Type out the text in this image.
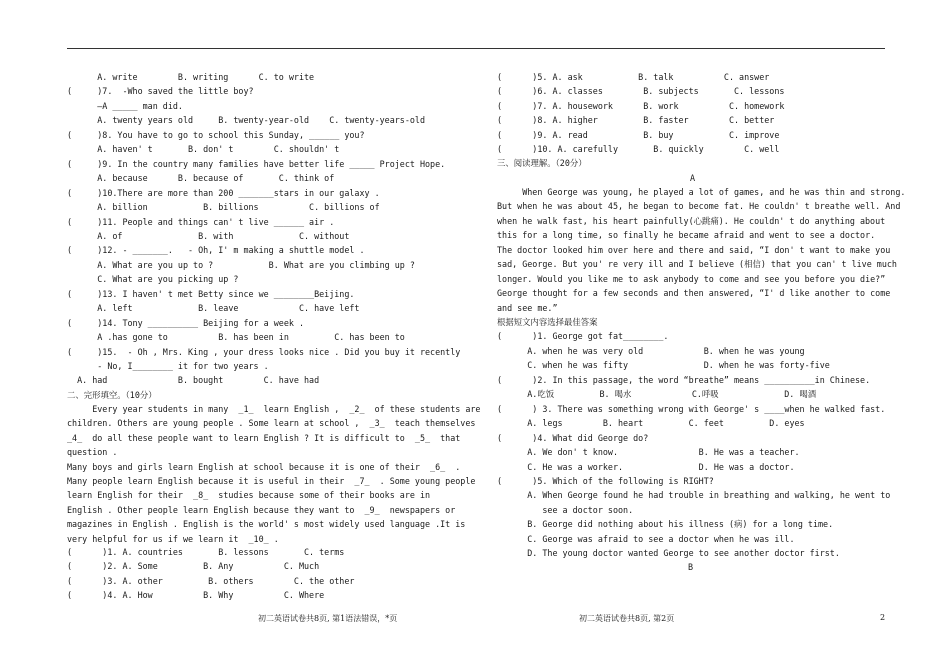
A. write        B. writing      C. to write
(     )7.  -Who saved the little boy?
—A _____ man did.
A. twenty years old     B. twenty-year-old    C. twenty-years-old
(     )8. You have to go to school this Sunday, ______ you?
A. haven' t       B. don' t        C. shouldn' t
(     )9. In the country many families have better life _____ Project Hope.
A. because      B. because of       C. think of
(     )10.There are more than 200 _______stars in our galaxy .
A. billion           B. billions          C. billions of
(     )11. People and things can' t live ______ air .
A. of               B. with             C. without
(     )12. - _______.   - Oh, I' m making a shuttle model .
A. What are you up to ?           B. What are you climbing up ?
C. What are you picking up ?
(     )13. I haven' t met Betty since we ________Beijing.
A. left             B. leave            C. have left
(     )14. Tony __________ Beijing for a week .
A .has gone to          B. has been in         C. has been to
(     )15.  - Oh , Mrs. King , your dress looks nice . Did you buy it recently
- No, I________ it for two years .
A. had              B. bought        C. have had
二、完形填空。（10分）
Every year students in many  _1_  learn English ,  _2_  of these students are
children. Others are young people . Some learn at school ,  _3_  teach themselves
_4_  do all these people want to learn English ? It is difficult to  _5_  that
question .
Many boys and girls learn English at school because it is one of their  _6_  .
Many people learn English because it is useful in their  _7_  . Some young people
learn English for their  _8_  studies because some of their books are in
English . Other people learn English because they want to  _9_  newspapers or
magazines in English . English is the world' s most widely used language .It is
very helpful for us if we learn it  _10_ .
(      )1. A. countries       B. lessons       C. terms
(      )2. A. Some         B. Any          C. Much
(      )3. A. other         B. others        C. the other
(      )4. A. How          B. Why          C. Where
(      )5. A. ask           B. talk          C. answer
(      )6. A. classes        B. subjects       C. lessons
(      )7. A. housework      B. work          C. homework
(      )8. A. higher         B. faster        C. better
(      )9. A. read           B. buy           C. improve
(      )10. A. carefully       B. quickly        C. well
三、阅读理解。（20分）
When George was young, he played a lot of games, and he was thin and strong.
But when he was about 45, he began to become fat. He couldn' t breathe well. And
when he walk fast, his heart painfully(心跳痛). He couldn' t do anything about
this for a long time, so finally he became afraid and went to see a doctor.
The doctor looked him over here and there and said, “I don' t want to make you
sad, George. But you' re very ill and I believe (相信) that you can' t live much
longer. Would you like me to ask anybody to come and see you before you die?”
George thought for a few seconds and then answered, “I' d like another to come
and see me.”
根据短文内容选择最佳答案
(      )1. George got fat________.
A. when he was very old            B. when he was young
C. when he was fifty               D. when he was forty-five
(      )2. In this passage, the word “breathe” means __________in Chinese.
A.吃饭         B. 喝水            C.呼吸             D. 喝酒
(      ) 3. There was something wrong with George' s ____when he walked fast.
A. legs        B. heart         C. feet         D. eyes
(      )4. What did George do?
A. We don' t know.                B. He was a teacher.
C. He was a worker.               D. He was a doctor.
(      )5. Which of the following is RIGHT?
A. When George found he had trouble in breathing and walking, he went to
see a doctor soon.
B. George did nothing about his illness (病) for a long time.
C. George was afraid to see a doctor when he was ill.
D. The young doctor wanted George to see another doctor first.
A
B
初二英语试卷共8页, 第1语法错误，*页	初二英语试卷共8页, 第2页	2
